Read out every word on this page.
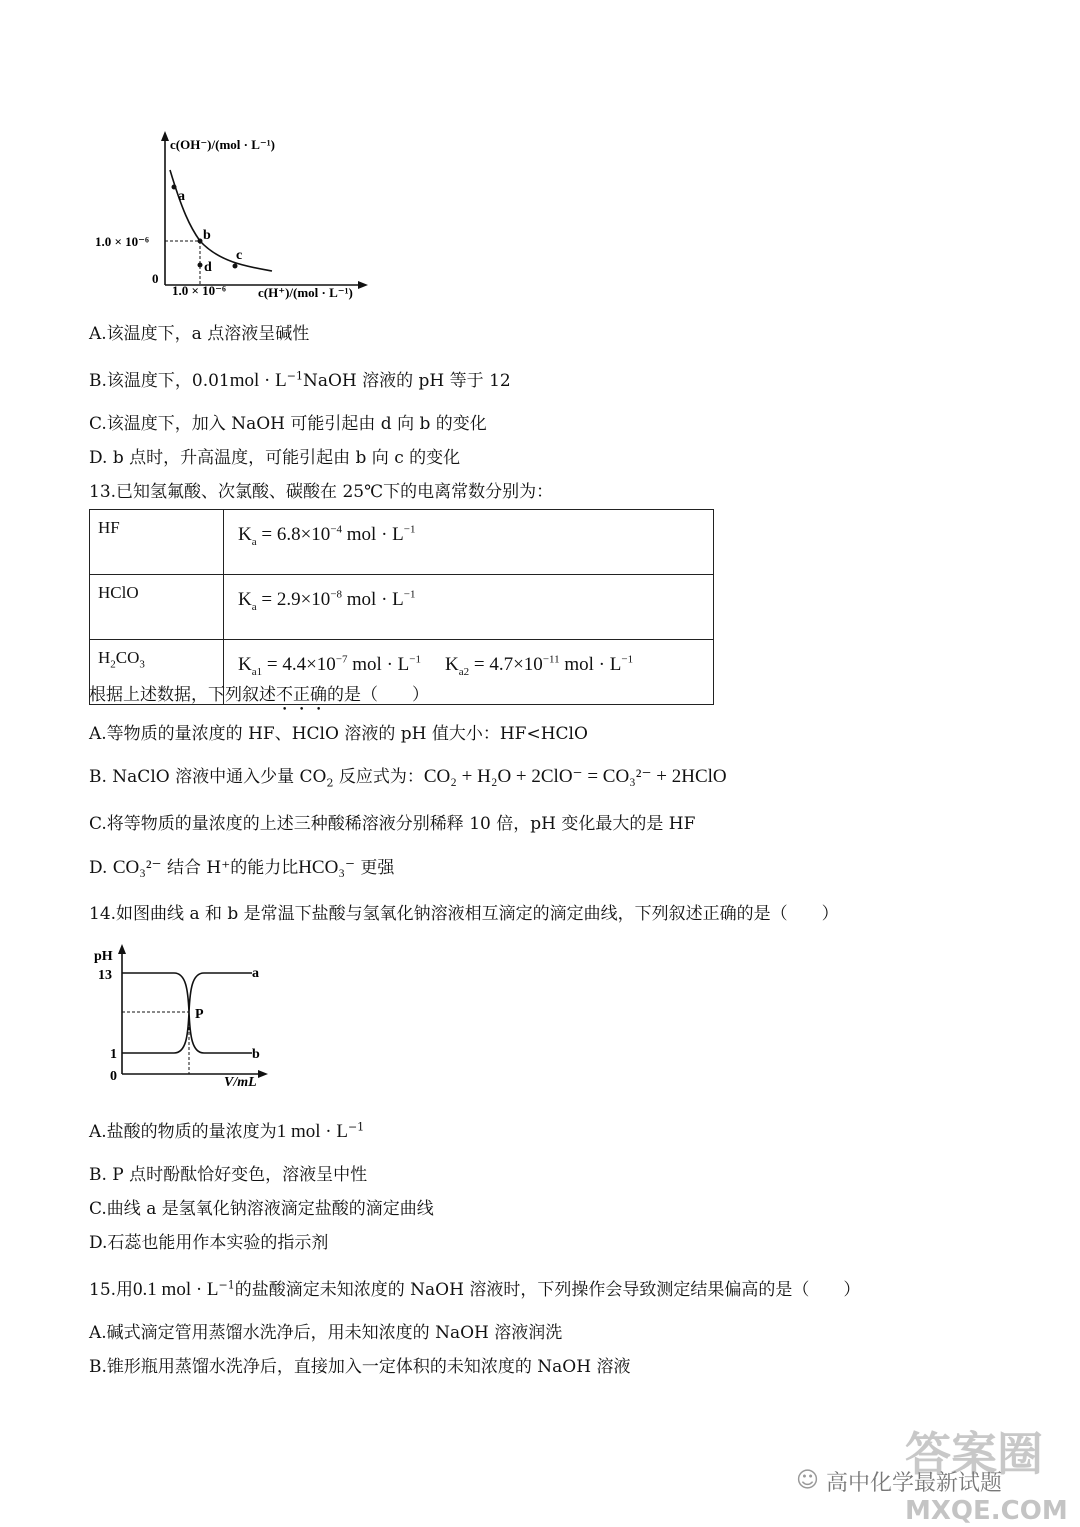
c(OH⁻)/(mol · L⁻¹)
c(H⁺)/(mol · L⁻¹)
1.0 × 10⁻⁶
1.0 × 10⁻⁶
0
a
b
c
d
A.该温度下，a 点溶液呈碱性
B.该温度下，$0.01mol \cdot L^{-1}NaOH$ 溶液的 pH 等于 12
C.该温度下，加入 NaOH 可能引起由 d 向 b 的变化
D. b 点时，升高温度，可能引起由 b 向 c 的变化
13.已知氢氟酸、次氯酸、碳酸在 25℃下的电离常数分别为：
HF	$K_a = 6.8\times 10^{-4}$ mol · $L^{-1}$
HClO	$K_a = 2.9\times 10^{-8}$ mol · $L^{-1}$
$H_2CO_3$	$K_{a1} = 4.4\times 10^{-7}$ mol · $L^{-1}$ $K_{a2} = 4.7\times 10^{-11}$ mol · $L^{-1}$
根据上述数据，下列叙述不正确的是（　　）
A.等物质的量浓度的 HF、HClO 溶液的 pH 值大小：HF<HClO
B. NaClO 溶液中通入少量 $CO_2$ 反应式为：CO₂ + H₂O + 2ClO⁻ = CO₃²⁻ + 2HClO
C.将等物质的量浓度的上述三种酸稀溶液分别稀释 10 倍，pH 变化最大的是 HF
D. CO₃²⁻ 结合 H⁺的能力比HCO₃⁻ 更强
14.如图曲线 a 和 b 是常温下盐酸与氢氧化钠溶液相互滴定的滴定曲线，下列叙述正确的是（　　）
pH
13
1
0
a
b
P
V/mL
A.盐酸的物质的量浓度为1 mol · $L^{-1}$
B. P 点时酚酞恰好变色，溶液呈中性
C.曲线 a 是氢氧化钠溶液滴定盐酸的滴定曲线
D.石蕊也能用作本实验的指示剂
15.用0.1 mol · $L^{-1}$的盐酸滴定未知浓度的 NaOH 溶液时，下列操作会导致测定结果偏高的是（　　）
A.碱式滴定管用蒸馏水洗净后，用未知浓度的 NaOH 溶液润洗
B.锥形瓶用蒸馏水洗净后，直接加入一定体积的未知浓度的 NaOH 溶液
答案圈
☺ 高中化学最新试题
MXQE.COM
